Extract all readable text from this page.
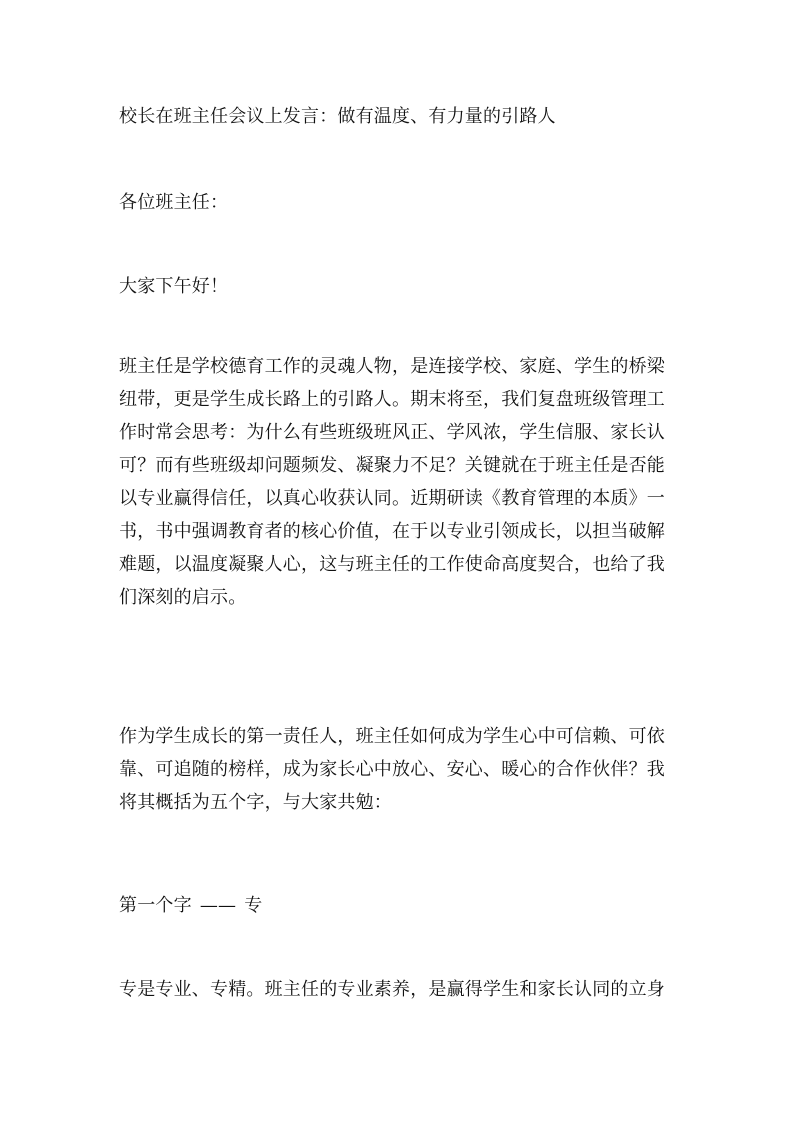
校长在班主任会议上发言：做有温度、有力量的引路人

各位班主任：

大家下午好！

班主任是学校德育工作的灵魂人物，是连接学校、家庭、学生的桥梁纽带，更是学生成长路上的引路人。期末将至，我们复盘班级管理工作时常会思考：为什么有些班级班风正、学风浓，学生信服、家长认可？而有些班级却问题频发、凝聚力不足？关键就在于班主任是否能以专业赢得信任，以真心收获认同。近期研读《教育管理的本质》一书，书中强调教育者的核心价值，在于以专业引领成长，以担当破解难题，以温度凝聚人心，这与班主任的工作使命高度契合，也给了我们深刻的启示。

作为学生成长的第一责任人，班主任如何成为学生心中可信赖、可依靠、可追随的榜样，成为家长心中放心、安心、暖心的合作伙伴？我将其概括为五个字，与大家共勉：

第一个字 —— 专

专是专业、专精。班主任的专业素养，是赢得学生和家长认同的立身
